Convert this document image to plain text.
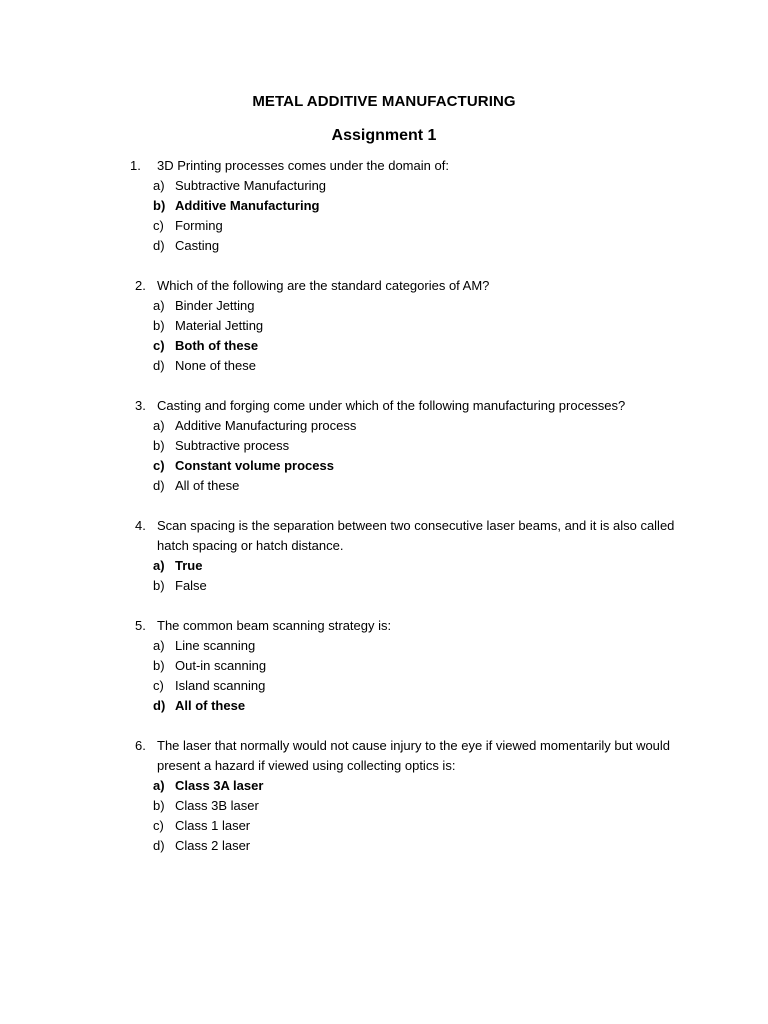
METAL ADDITIVE MANUFACTURING
Assignment 1
1. 3D Printing processes comes under the domain of:
a) Subtractive Manufacturing
b) Additive Manufacturing
c) Forming
d) Casting
2. Which of the following are the standard categories of AM?
a) Binder Jetting
b) Material Jetting
c) Both of these
d) None of these
3. Casting and forging come under which of the following manufacturing processes?
a) Additive Manufacturing process
b) Subtractive process
c) Constant volume process
d) All of these
4. Scan spacing is the separation between two consecutive laser beams, and it is also called hatch spacing or hatch distance.
a) True
b) False
5. The common beam scanning strategy is:
a) Line scanning
b) Out-in scanning
c) Island scanning
d) All of these
6. The laser that normally would not cause injury to the eye if viewed momentarily but would present a hazard if viewed using collecting optics is:
a) Class 3A laser
b) Class 3B laser
c) Class 1 laser
d) Class 2 laser
